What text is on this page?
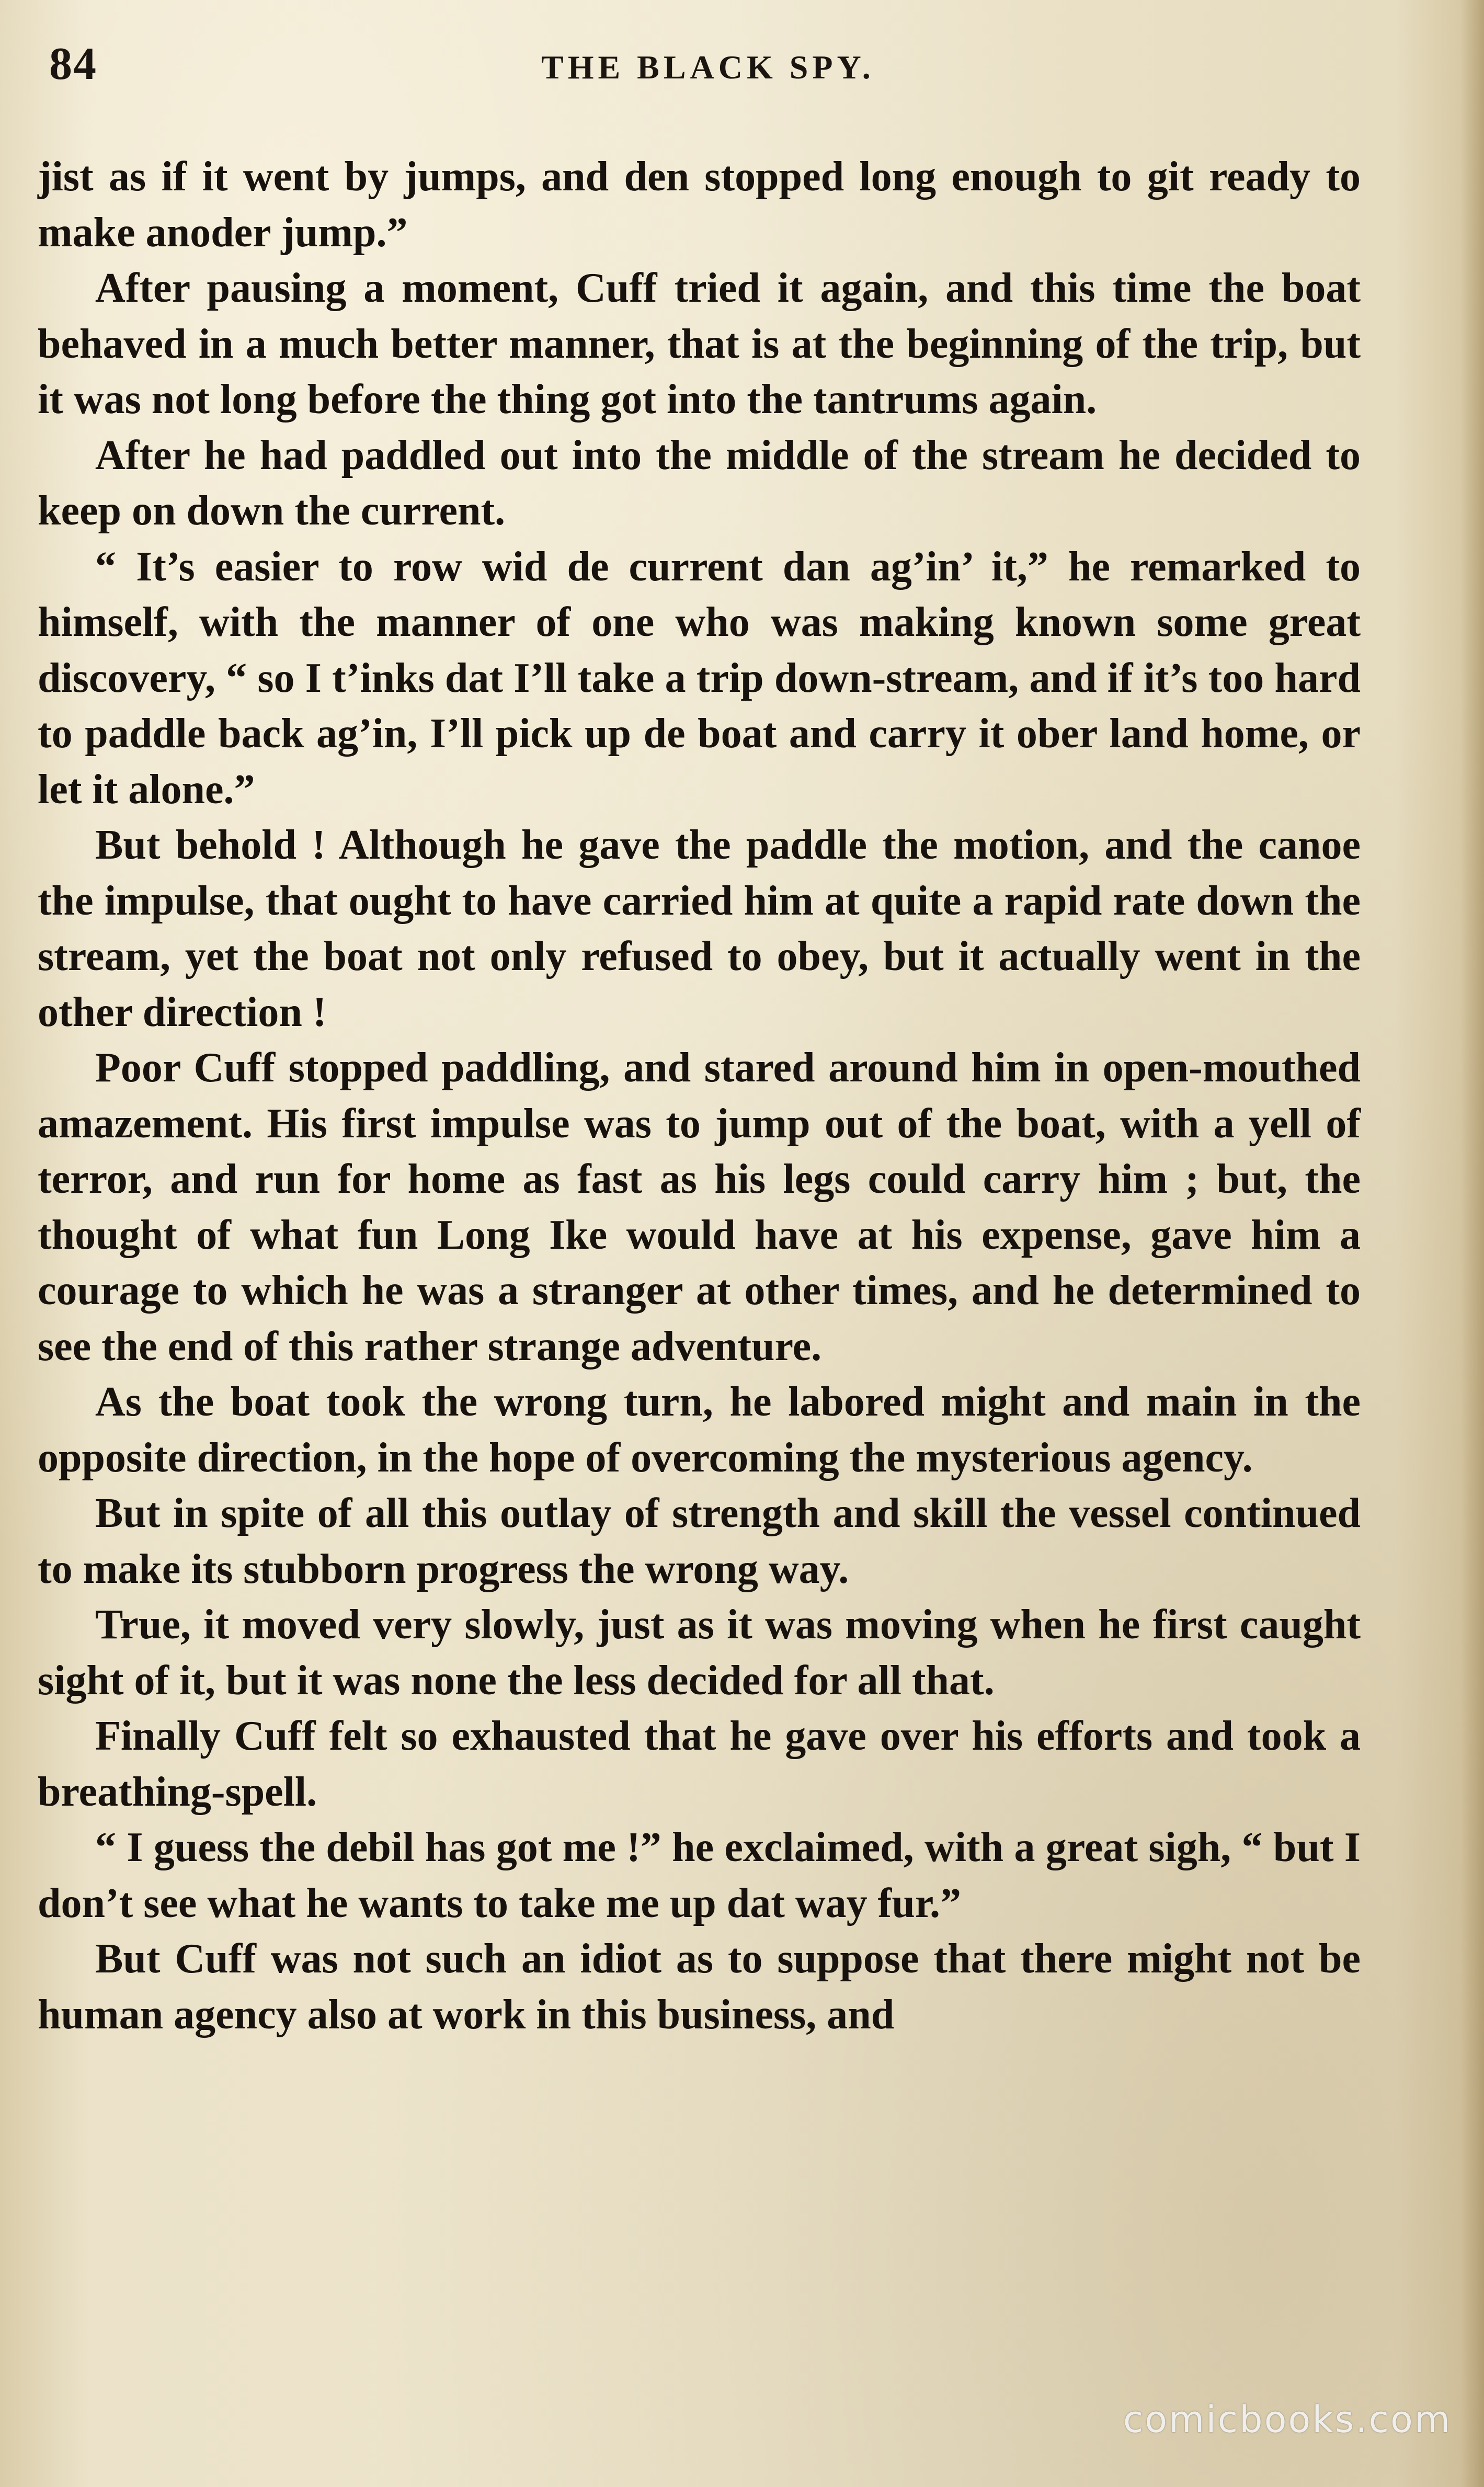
84	THE BLACK SPY.

jist as if it went by jumps, and den stopped long enough to git ready to make anoder jump.”

After pausing a moment, Cuff tried it again, and this time the boat behaved in a much better manner, that is at the beginning of the trip, but it was not long before the thing got into the tantrums again.

After he had paddled out into the middle of the stream he decided to keep on down the current.

“ It’s easier to row wid de current dan ag’in’ it,” he remarked to himself, with the manner of one who was making known some great discovery, “ so I t’inks dat I’ll take a trip down-stream, and if it’s too hard to paddle back ag’in, I’ll pick up de boat and carry it ober land home, or let it alone.”

But behold ! Although he gave the paddle the motion, and the canoe the impulse, that ought to have carried him at quite a rapid rate down the stream, yet the boat not only refused to obey, but it actually went in the other direction !

Poor Cuff stopped paddling, and stared around him in open-mouthed amazement. His first impulse was to jump out of the boat, with a yell of terror, and run for home as fast as his legs could carry him ; but, the thought of what fun Long Ike would have at his expense, gave him a courage to which he was a stranger at other times, and he determined to see the end of this rather strange adventure.

As the boat took the wrong turn, he labored might and main in the opposite direction, in the hope of overcoming the mysterious agency.

But in spite of all this outlay of strength and skill the vessel continued to make its stubborn progress the wrong way.

True, it moved very slowly, just as it was moving when he first caught sight of it, but it was none the less decided for all that.

Finally Cuff felt so exhausted that he gave over his efforts and took a breathing-spell.

“ I guess the debil has got me !” he exclaimed, with a great sigh, “ but I don’t see what he wants to take me up dat way fur.”

But Cuff was not such an idiot as to suppose that there might not be human agency also at work in this business, and

comicbooks.com
